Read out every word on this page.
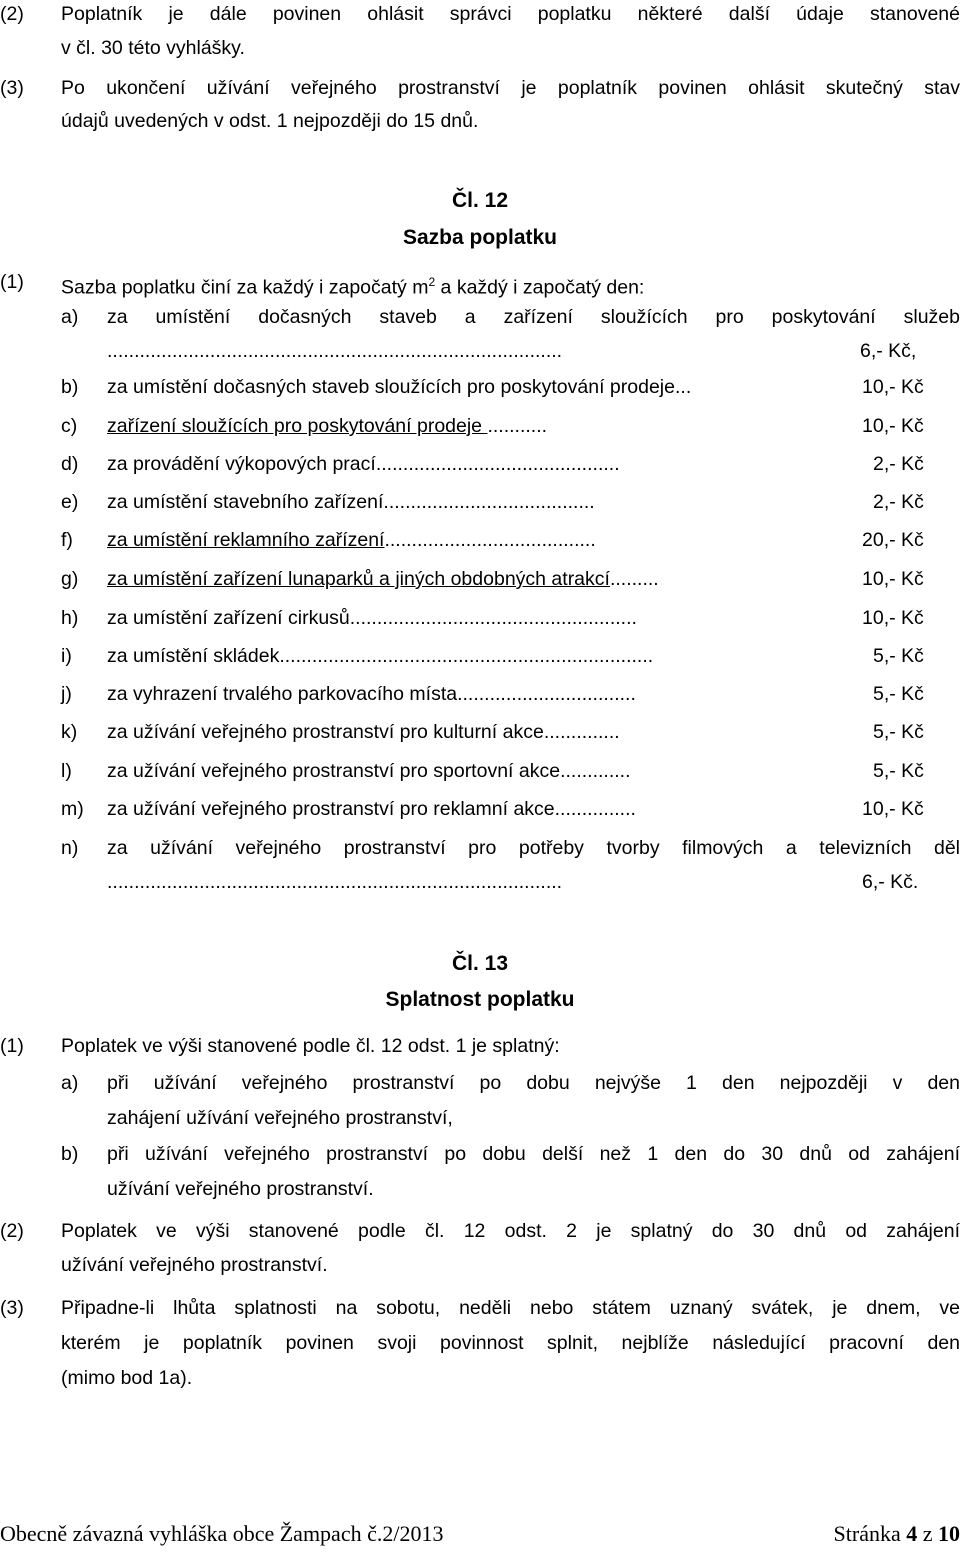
(2) Poplatník je dále povinen ohlásit správci poplatku některé další údaje stanovené
v čl. 30 této vyhlášky.
(3) Po ukončení užívání veřejného prostranství je poplatník povinen ohlásit skutečný stav
údajů uvedených v odst. 1 nejpozději do 15 dnů.
Čl. 12
Sazba poplatku
(1) Sazba poplatku činí za každý i započatý $m^2$ a každý i započatý den:
a) za umístění dočasných staveb a zařízení sloužících pro poskytování služeb
....................................................................................	6,- Kč,
b) za umístění dočasných staveb sloužících pro poskytování prodeje...	10,- Kč
c) zařízení sloužících pro poskytování prodeje ...........	10,- Kč
d) za provádění výkopových prací.............................................	2,- Kč
e) za umístění stavebního zařízení.......................................	2,- Kč
f) za umístění reklamního zařízení.......................................	20,- Kč
g) za umístění zařízení lunaparků a jiných obdobných atrakcí.........	10,- Kč
h) za umístění zařízení cirkusů.....................................................	10,- Kč
i) za umístění skládek.....................................................................	5,- Kč
j) za vyhrazení trvalého parkovacího místa.................................	5,- Kč
k) za užívání veřejného prostranství pro kulturní akce..............	5,- Kč
l) za užívání veřejného prostranství pro sportovní akce.............	5,- Kč
m) za užívání veřejného prostranství pro reklamní akce...............	10,- Kč
n) za užívání veřejného prostranství pro potřeby tvorby filmových a televizních děl
....................................................................................	6,- Kč.
Čl. 13
Splatnost poplatku
(1) Poplatek ve výši stanovené podle čl. 12 odst. 1 je splatný:
a) při užívání veřejného prostranství po dobu nejvýše 1 den nejpozději v den
zahájení užívání veřejného prostranství,
b) při užívání veřejného prostranství po dobu delší než 1 den do 30 dnů od zahájení
užívání veřejného prostranství.
(2) Poplatek ve výši stanovené podle čl. 12 odst. 2 je splatný do 30 dnů od zahájení
užívání veřejného prostranství.
(3) Připadne-li lhůta splatnosti na sobotu, neděli nebo státem uznaný svátek, je dnem, ve
kterém je poplatník povinen svoji povinnost splnit, nejblíže následující pracovní den
(mimo bod 1a).
Obecně závazná vyhláška obce Žampach č.2/2013	Stránka 4 z 10
